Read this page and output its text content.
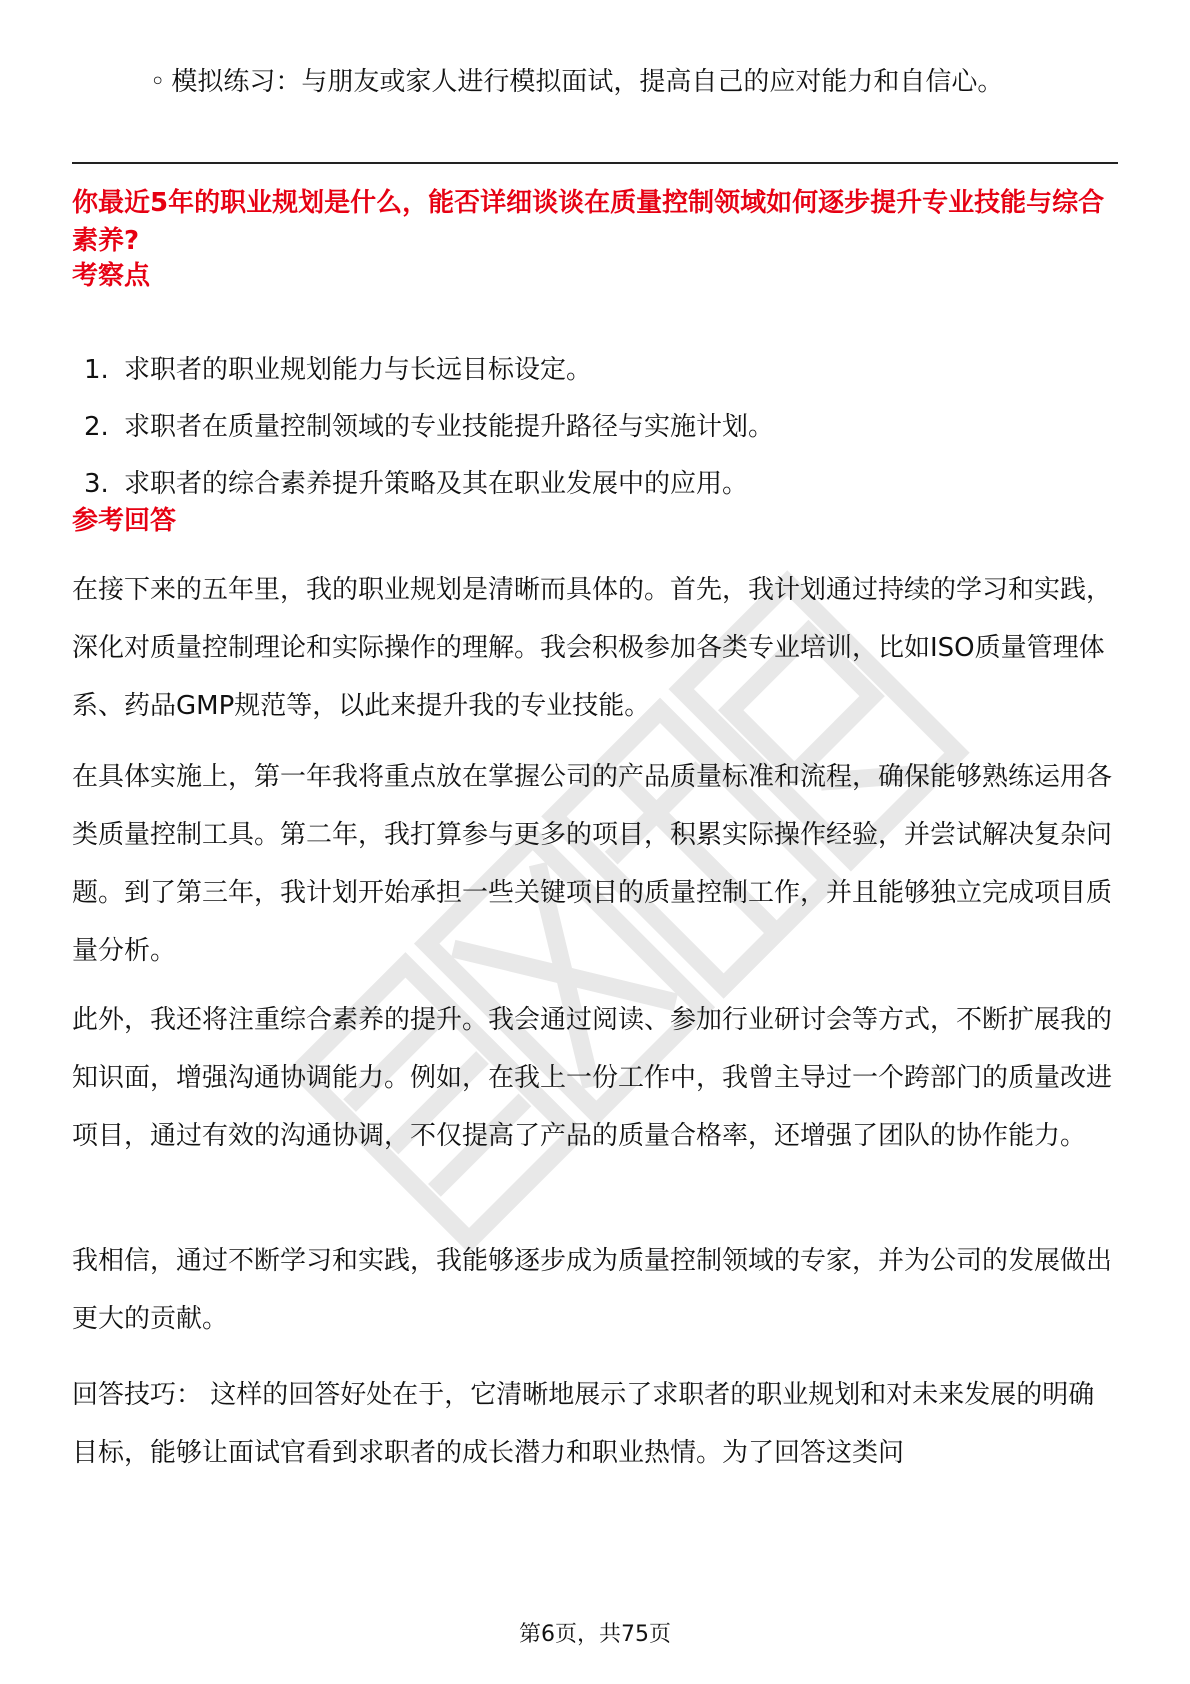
◦ 模拟练习：与朋友或家人进行模拟面试，提高自己的应对能力和自信心。
你最近5年的职业规划是什么，能否详细谈谈在质量控制领域如何逐步提升专业技能与综合素养?
考察点
1. 求职者的职业规划能力与长远目标设定。
2. 求职者在质量控制领域的专业技能提升路径与实施计划。
3. 求职者的综合素养提升策略及其在职业发展中的应用。
参考回答

在接下来的五年里，我的职业规划是清晰而具体的。首先，我计划通过持续的学习和实践，深化对质量控制理论和实际操作的理解。我会积极参加各类专业培训，比如ISO质量管理体系、药品GMP规范等，以此来提升我的专业技能。

在具体实施上，第一年我将重点放在掌握公司的产品质量标准和流程，确保能够熟练运用各类质量控制工具。第二年，我打算参与更多的项目，积累实际操作经验，并尝试解决复杂问题。到了第三年，我计划开始承担一些关键项目的质量控制工作，并且能够独立完成项目质量分析。

此外，我还将注重综合素养的提升。我会通过阅读、参加行业研讨会等方式，不断扩展我的知识面，增强沟通协调能力。例如，在我上一份工作中，我曾主导过一个跨部门的质量改进项目，通过有效的沟通协调，不仅提高了产品的质量合格率，还增强了团队的协作能力。

我相信，通过不断学习和实践，我能够逐步成为质量控制领域的专家，并为公司的发展做出更大的贡献。

回答技巧： 这样的回答好处在于，它清晰地展示了求职者的职业规划和对未来发展的明确目标，能够让面试官看到求职者的成长潜力和职业热情。为了回答这类问

第6页，共75页
